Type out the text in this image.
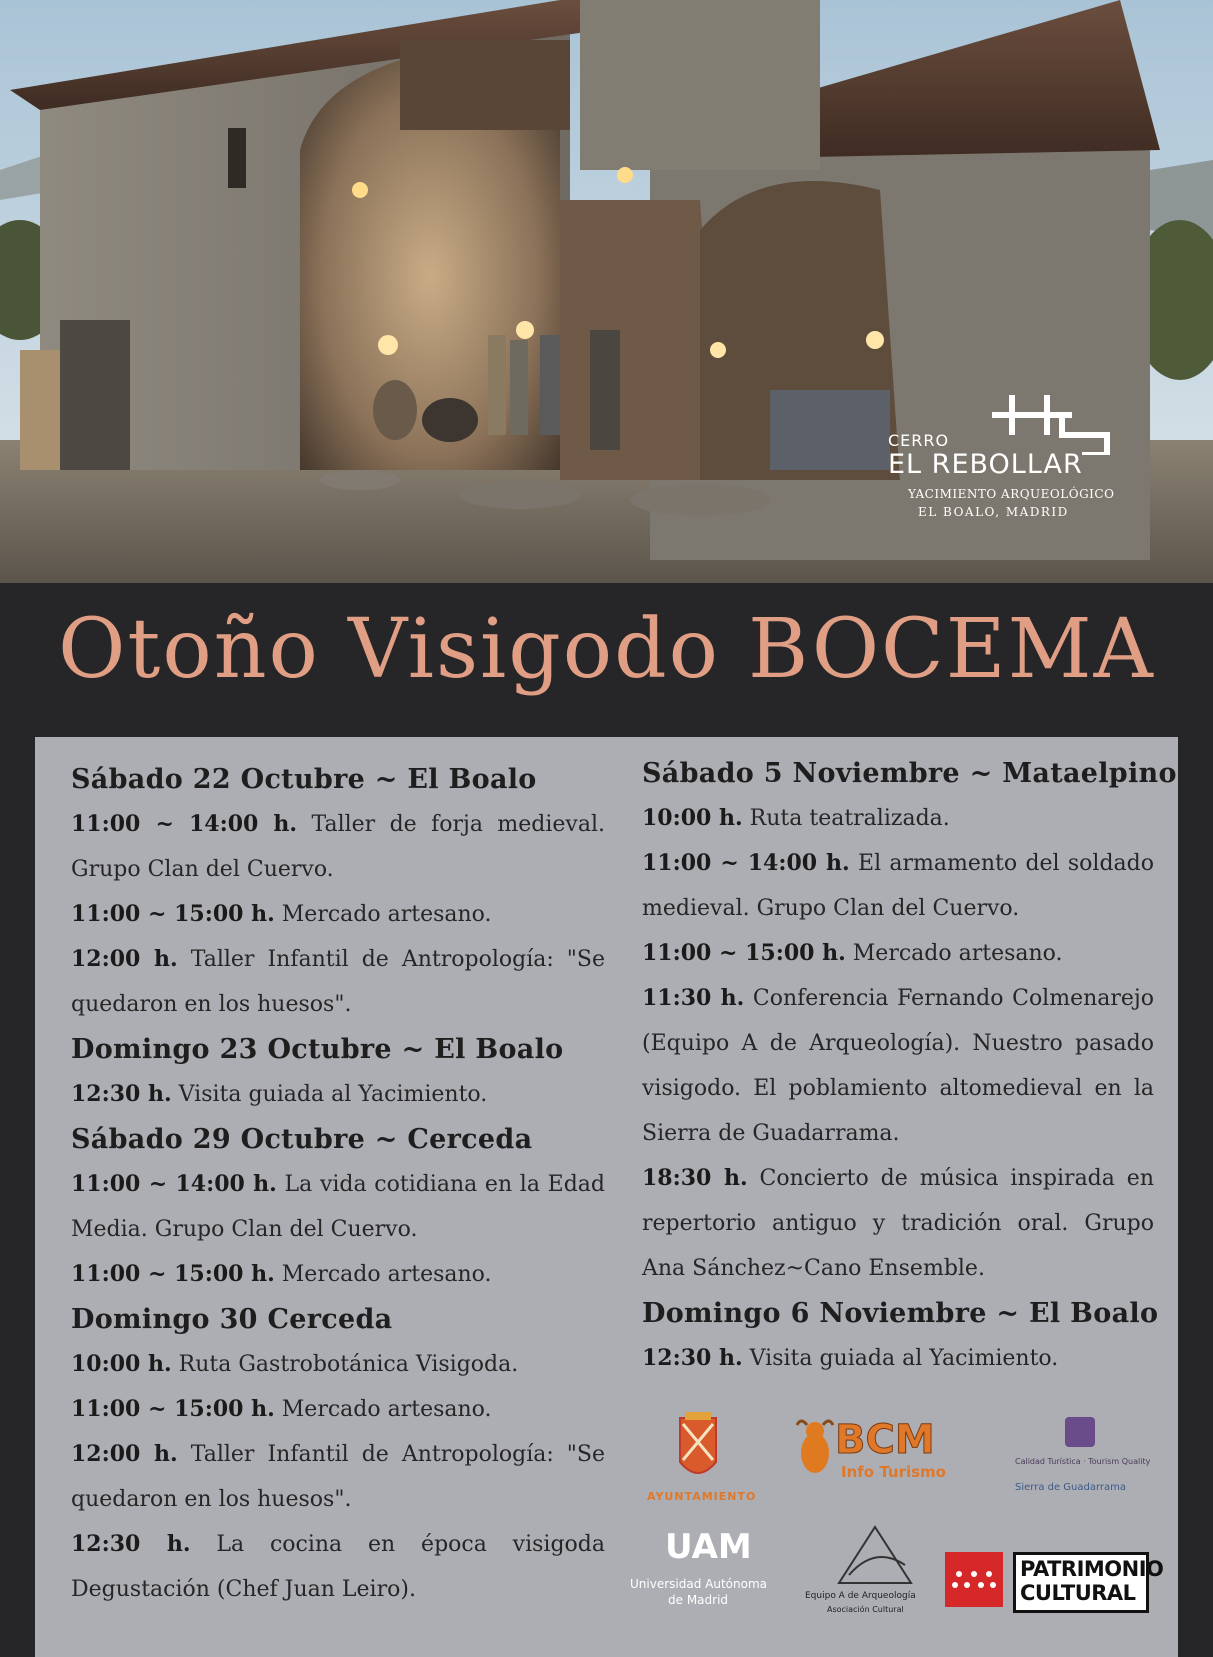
CERRO
EL REBOLLAR
YACIMIENTO ARQUEOLÓGICO
EL BOALO, MADRID
Otoño Visigodo BOCEMA

Sábado 22 Octubre ~ El Boalo

11:00 ~ 14:00 h. Taller de forja medieval. Grupo Clan del Cuervo.

11:00 ~ 15:00 h. Mercado artesano.

12:00 h. Taller Infantil de Antropología: "Se quedaron en los huesos".

Domingo 23 Octubre ~ El Boalo

12:30 h. Visita guiada al Yacimiento.

Sábado 29 Octubre ~ Cerceda

11:00 ~ 14:00 h. La vida cotidiana en la Edad Media. Grupo Clan del Cuervo.

11:00 ~ 15:00 h. Mercado artesano.

Domingo 30 Cerceda

10:00 h. Ruta Gastrobotánica Visigoda.

11:00 ~ 15:00 h. Mercado artesano.

12:00 h. Taller Infantil de Antropología: "Se quedaron en los huesos".

12:30 h. La cocina en época visigoda Degustación (Chef Juan Leiro).

Sábado 5 Noviembre ~ Mataelpino

10:00 h. Ruta teatralizada.

11:00 ~ 14:00 h. El armamento del soldado medieval. Grupo Clan del Cuervo.

11:00 ~ 15:00 h. Mercado artesano.

11:30 h. Conferencia Fernando Colmenarejo (Equipo A de Arqueología). Nuestro pasado visigodo. El poblamiento altomedieval en la Sierra de Guadarrama.

18:30 h. Concierto de música inspirada en repertorio antiguo y tradición oral. Grupo Ana Sánchez~Cano Ensemble.

Domingo 6 Noviembre ~ El Boalo

12:30 h. Visita guiada al Yacimiento.

AYUNTAMIENTO
BCM
Info Turismo
Calidad Turística · Tourism Quality
Sierra de Guadarrama
UAM
Universidad Autónoma
de Madrid	Equipo A de Arqueología
Asociación Cultural
PATRIMONIO
CULTURAL
